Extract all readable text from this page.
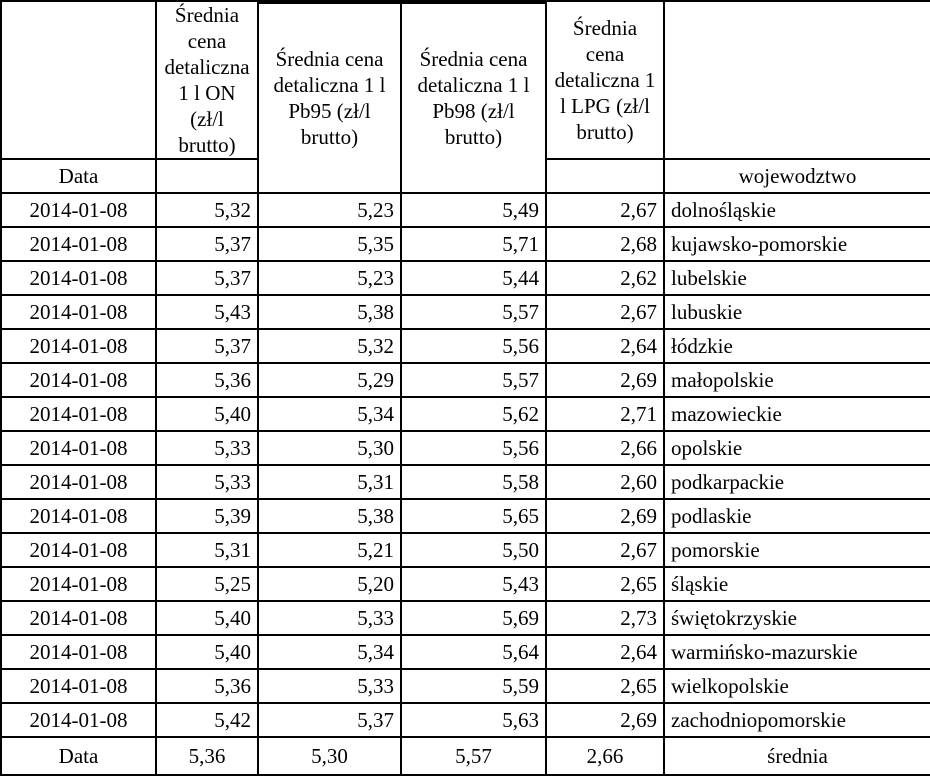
	Średnia cena detaliczna 1 l ON (zł/l brutto)			Średnia cena detaliczna 1 l LPG (zł/l brutto)	
		Średnia cena detaliczna 1 l Pb95 (zł/l brutto)	Średnia cena detaliczna 1 l Pb98 (zł/l brutto)		
Data					wojewodztwo
2014-01-08	5,32	5,23	5,49	2,67	dolnośląskie
2014-01-08	5,37	5,35	5,71	2,68	kujawsko-pomorskie
2014-01-08	5,37	5,23	5,44	2,62	lubelskie
2014-01-08	5,43	5,38	5,57	2,67	lubuskie
2014-01-08	5,37	5,32	5,56	2,64	łódzkie
2014-01-08	5,36	5,29	5,57	2,69	małopolskie
2014-01-08	5,40	5,34	5,62	2,71	mazowieckie
2014-01-08	5,33	5,30	5,56	2,66	opolskie
2014-01-08	5,33	5,31	5,58	2,60	podkarpackie
2014-01-08	5,39	5,38	5,65	2,69	podlaskie
2014-01-08	5,31	5,21	5,50	2,67	pomorskie
2014-01-08	5,25	5,20	5,43	2,65	śląskie
2014-01-08	5,40	5,33	5,69	2,73	świętokrzyskie
2014-01-08	5,40	5,34	5,64	2,64	warmińsko-mazurskie
2014-01-08	5,36	5,33	5,59	2,65	wielkopolskie
2014-01-08	5,42	5,37	5,63	2,69	zachodniopomorskie
Data	5,36	5,30	5,57	2,66	średnia
